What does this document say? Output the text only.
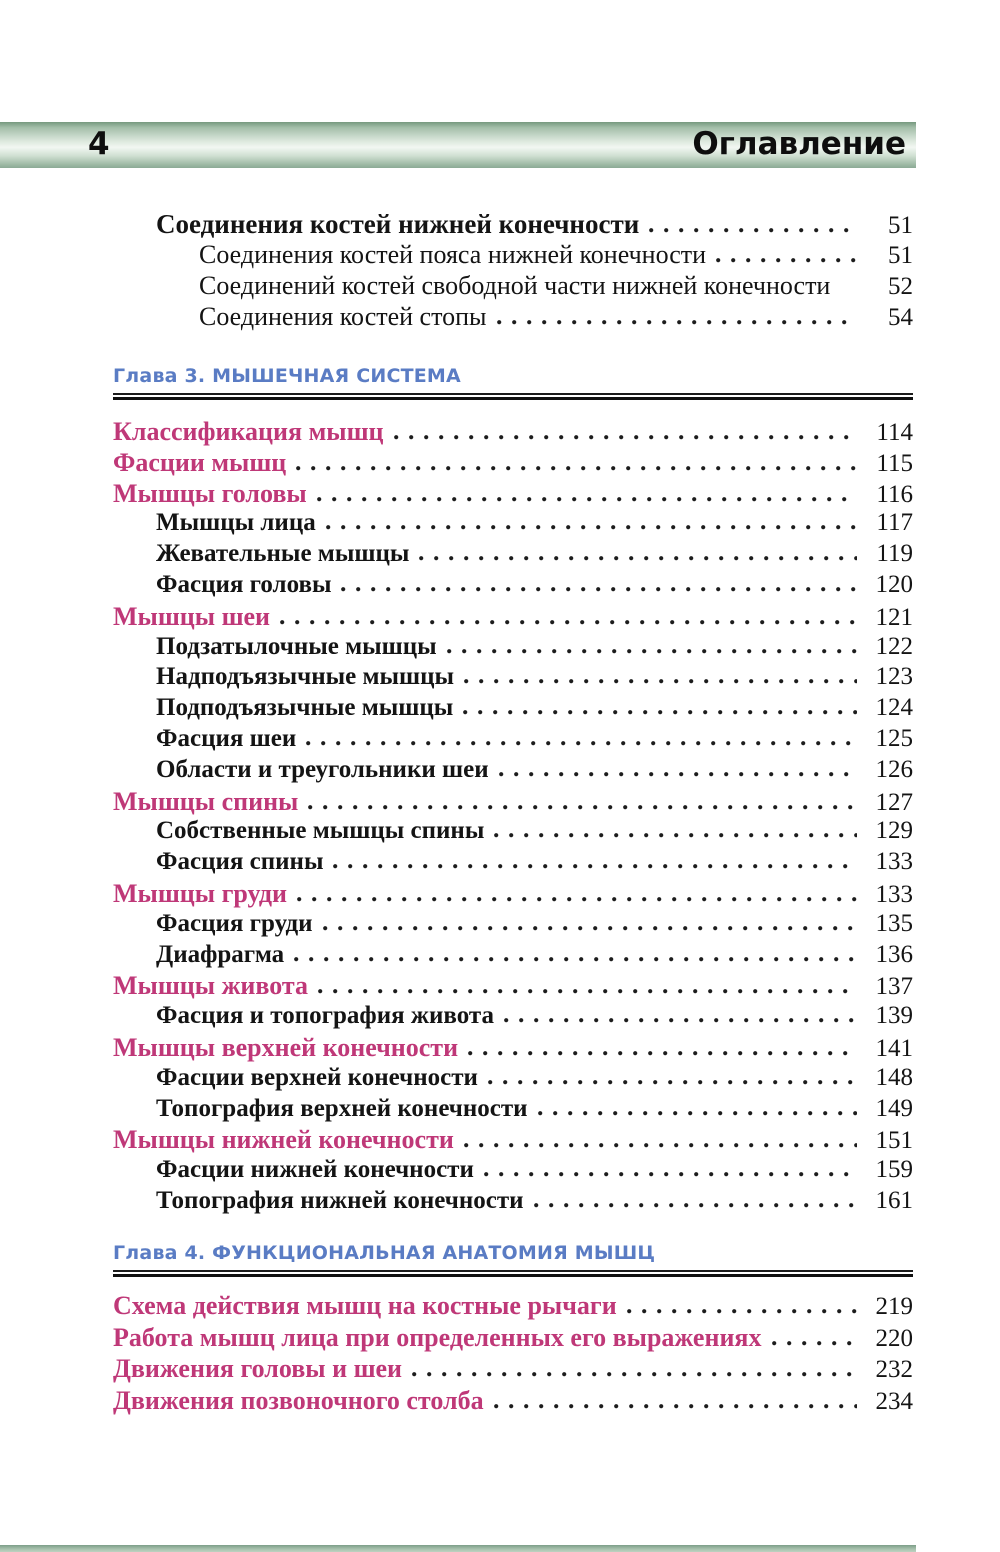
4	Оглавление
Соединения костей нижней конечности	51
Соединения костей пояса нижней конечности	51
Соединений костей свободной части нижней конечности	52
Соединения костей стопы	54
Глава 3. МЫШЕЧНАЯ СИСТЕМА
Классификация мышц	114
Фасции мышц	115
Мышцы головы	116
Мышцы лица	117
Жевательные мышцы	119
Фасция головы	120
Мышцы шеи	121
Подзатылочные мышцы	122
Надподъязычные мышцы	123
Подподъязычные мышцы	124
Фасция шеи	125
Области и треугольники шеи	126
Мышцы спины	127
Собственные мышцы спины	129
Фасция спины	133
Мышцы груди	133
Фасция груди	135
Диафрагма	136
Мышцы живота	137
Фасция и топография живота	139
Мышцы верхней конечности	141
Фасции верхней конечности	148
Топография верхней конечности	149
Мышцы нижней конечности	151
Фасции нижней конечности	159
Топография нижней конечности	161
Глава 4. ФУНКЦИОНАЛЬНАЯ АНАТОМИЯ МЫШЦ
Схема действия мышц на костные рычаги	219
Работа мышц лица при определенных его выражениях	220
Движения головы и шеи	232
Движения позвоночного столба	234
